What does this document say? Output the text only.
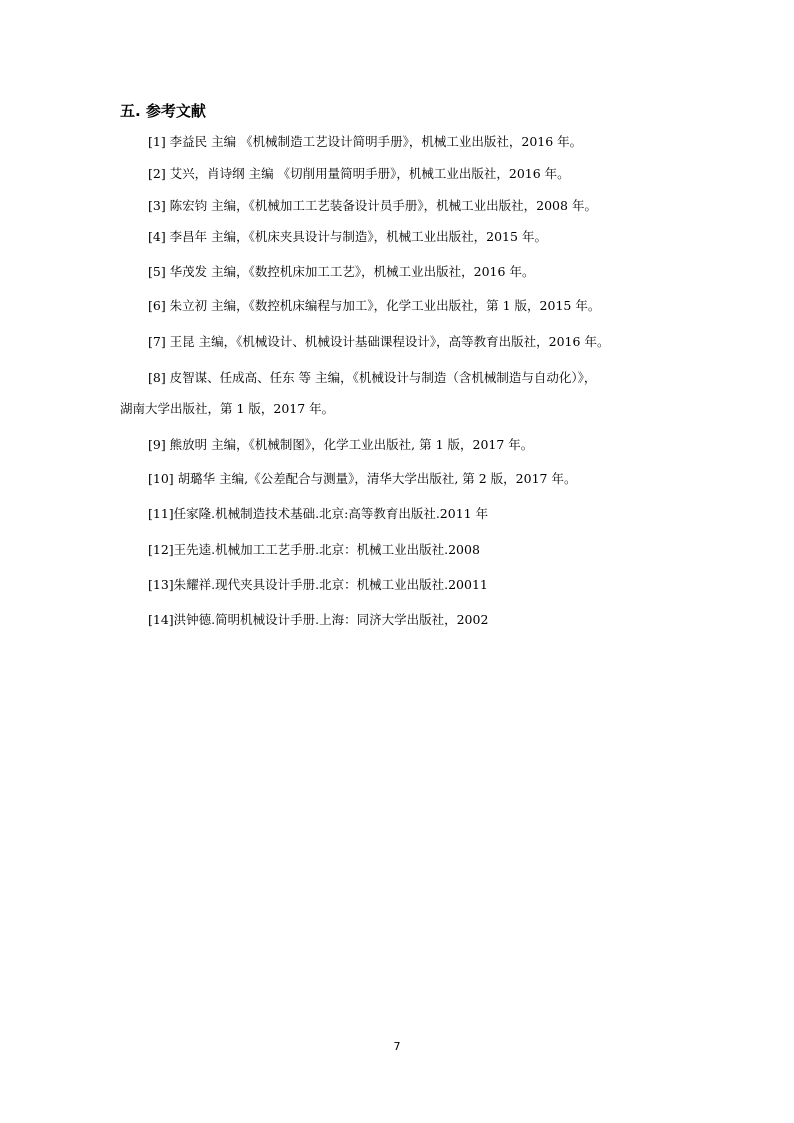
五. 参考文献

[1] 李益民 主编 《机械制造工艺设计简明手册》，机械工业出版社，2016 年。

[2] 艾兴，肖诗纲 主编 《切削用量简明手册》，机械工业出版社，2016 年。

[3] 陈宏钧 主编，《机械加工工艺装备设计员手册》，机械工业出版社，2008 年。

[4] 李昌年 主编，《机床夹具设计与制造》，机械工业出版社，2015 年。

[5] 华茂发 主编，《数控机床加工工艺》，机械工业出版社，2016 年。

[6] 朱立初 主编，《数控机床编程与加工》，化学工业出版社，第 1 版，2015 年。

[7] 王昆 主编，《机械设计、机械设计基础课程设计》，高等教育出版社，2016 年。

[8] 皮智谋、任成高、任东 等 主编，《机械设计与制造（含机械制造与自动化）》，

湖南大学出版社，第 1 版，2017 年。

[9] 熊放明 主编，《机械制图》，化学工业出版社, 第 1 版，2017 年。

[10] 胡璐华 主编,《公差配合与测量》，清华大学出版社, 第 2 版，2017 年。

[11]任家隆.机械制造技术基础.北京:高等教育出版社.2011 年

[12]王先逵.机械加工工艺手册.北京：机械工业出版社.2008

[13]朱耀祥.现代夹具设计手册.北京：机械工业出版社.20011

[14]洪钟德.简明机械设计手册.上海：同济大学出版社，2002

7
